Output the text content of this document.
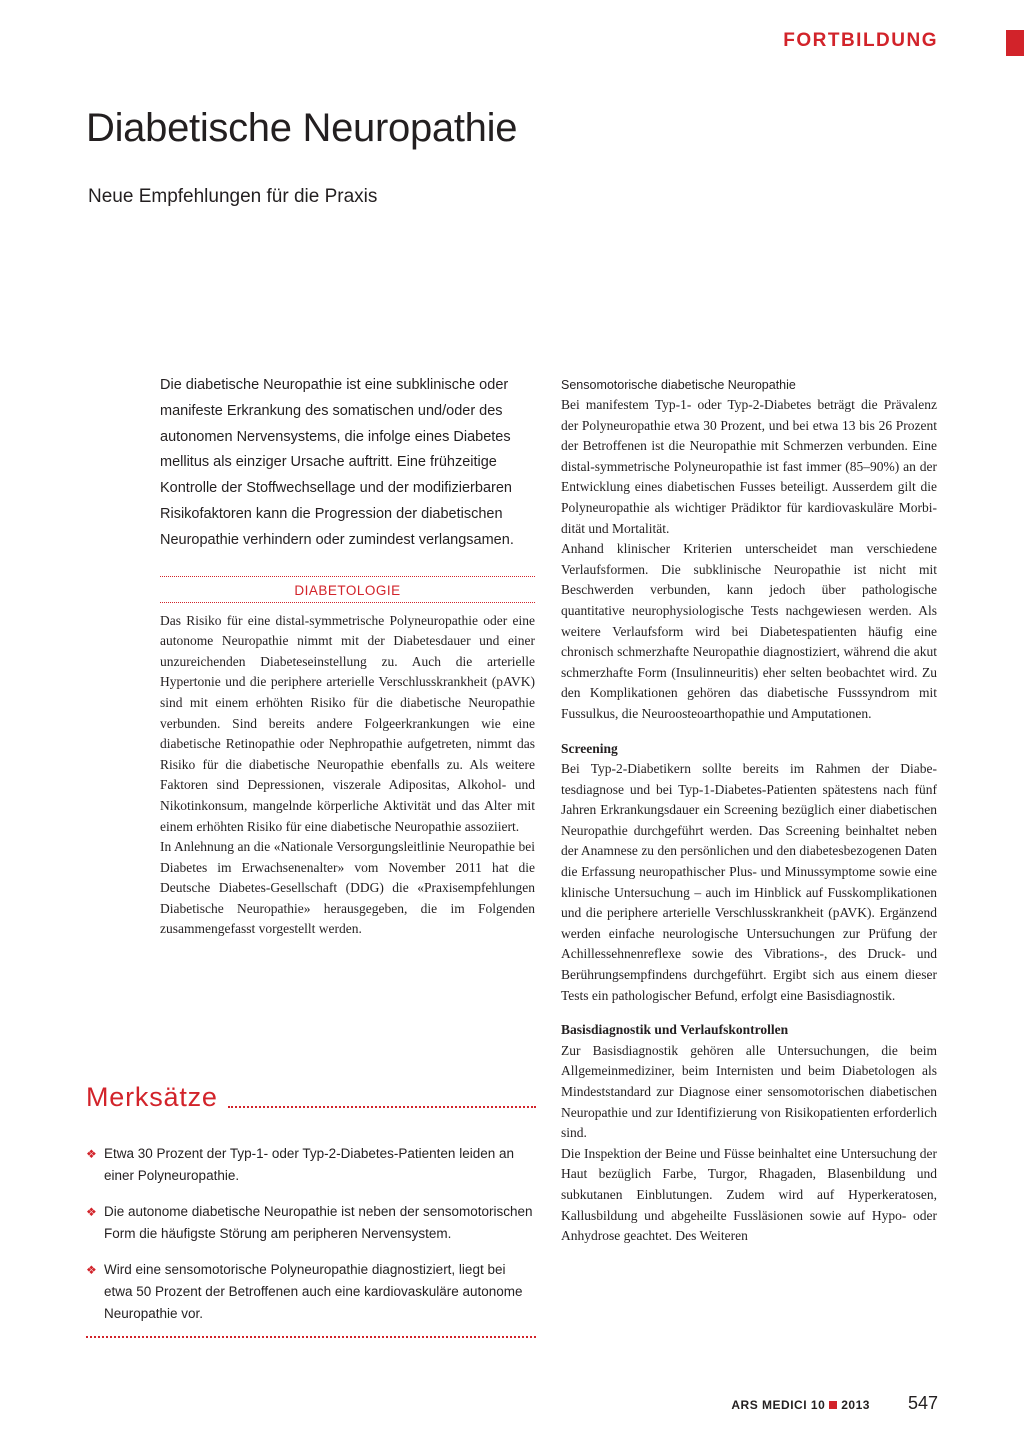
FORTBILDUNG
Diabetische Neuropathie
Neue Empfehlungen für die Praxis

Die diabetische Neuropathie ist eine subklinische oder manifeste Erkrankung des somatischen und/oder des autonomen Nervensystems, die infolge eines Diabetes mellitus als einziger Ursache auftritt. Eine frühzeitige Kontrolle der Stoffwechsellage und der modifizierbaren Risikofaktoren kann die Progression der diabetischen Neuropathie verhindern oder zumindest verlangsamen.

DIABETOLOGIE

Das Risiko für eine distal-symmetrische Polyneuropathie oder eine autonome Neuropathie nimmt mit der Diabetesdauer und einer unzureichenden Diabeteseinstellung zu. Auch die arterielle Hypertonie und die periphere arterielle Verschlusskrankheit (pAVK) sind mit einem erhöhten Risiko für die diabetische Neuropathie verbunden. Sind bereits andere Folgeerkrankungen wie eine diabetische Retinopathie oder Nephropathie aufgetreten, nimmt das Risiko für die diabetische Neuropathie ebenfalls zu. Als weitere Faktoren sind Depressionen, viszerale Adipositas, Alkohol- und Nikotinkonsum, mangelnde körperliche Aktivität und das Alter mit einem erhöhten Risiko für eine diabetische Neuropathie assoziiert.

In Anlehnung an die «Nationale Versorgungsleitlinie Neuropathie bei Diabetes im Erwachsenenalter» vom November 2011 hat die Deutsche Diabetes-Gesellschaft (DDG) die «Praxisempfehlungen Diabetische Neuropathie» herausgegeben, die im Folgenden zusammengefasst vorgestellt werden.

Sensomotorische diabetische Neuropathie

Bei manifestem Typ-1- oder Typ-2-Diabetes beträgt die Prävalenz der Polyneuropathie etwa 30 Prozent, und bei etwa 13 bis 26 Prozent der Betroffenen ist die Neuropathie mit Schmerzen verbunden. Eine distal-symmetrische Polyneuropathie ist fast immer (85–90%) an der Entwicklung eines diabetischen Fusses beteiligt. Ausserdem gilt die Polyneuropathie als wichtiger Prädiktor für kardiovaskuläre Morbidität und Mortalität.

Anhand klinischer Kriterien unterscheidet man verschiedene Verlaufsformen. Die subklinische Neuropathie ist nicht mit Beschwerden verbunden, kann jedoch über pathologische quantitative neurophysiologische Tests nachgewiesen werden. Als weitere Verlaufsform wird bei Diabetespatienten häufig eine chronisch schmerzhafte Neuropathie diagnostiziert, während die akut schmerzhafte Form (Insulinneuritis) eher selten beobachtet wird. Zu den Komplikationen gehören das diabetische Fusssyndrom mit Fussulkus, die Neuroosteoarthopathie und Amputationen.

Screening

Bei Typ-2-Diabetikern sollte bereits im Rahmen der Diabetesdiagnose und bei Typ-1-Diabetes-Patienten spätestens nach fünf Jahren Erkrankungsdauer ein Screening bezüglich einer diabetischen Neuropathie durchgeführt werden. Das Screening beinhaltet neben der Anamnese zu den persönlichen und den diabetesbezogenen Daten die Erfassung neuropathischer Plus- und Minussymptome sowie eine klinische Untersuchung – auch im Hinblick auf Fusskomplikationen und die periphere arterielle Verschlusskrankheit (pAVK). Ergänzend werden einfache neurologische Untersuchungen zur Prüfung der Achillessehnenreflexe sowie des Vibrations-, des Druck- und Berührungsempfindens durchgeführt. Ergibt sich aus einem dieser Tests ein pathologischer Befund, erfolgt eine Basisdiagnostik.

Basisdiagnostik und Verlaufskontrollen

Zur Basisdiagnostik gehören alle Untersuchungen, die beim Allgemeinmediziner, beim Internisten und beim Diabetologen als Mindeststandard zur Diagnose einer sensomotorischen diabetischen Neuropathie und zur Identifizierung von Risikopatienten erforderlich sind.

Die Inspektion der Beine und Füsse beinhaltet eine Untersuchung der Haut bezüglich Farbe, Turgor, Rhagaden, Blasenbildung und subkutanen Einblutungen. Zudem wird auf Hyperkeratosen, Kallusbildung und abgeheilte Fussläsionen sowie auf Hypo- oder Anhydrose geachtet. Des Weiteren

Merksätze
❖ Etwa 30 Prozent der Typ-1- oder Typ-2-Diabetes-Patienten leiden an einer Polyneuropathie.
❖ Die autonome diabetische Neuropathie ist neben der sensomotorischen Form die häufigste Störung am peripheren Nervensystem.
❖ Wird eine sensomotorische Polyneuropathie diagnostiziert, liegt bei etwa 50 Prozent der Betroffenen auch eine kardiovaskuläre autonome Neuropathie vor.
ARS MEDICI 10 2013 547
